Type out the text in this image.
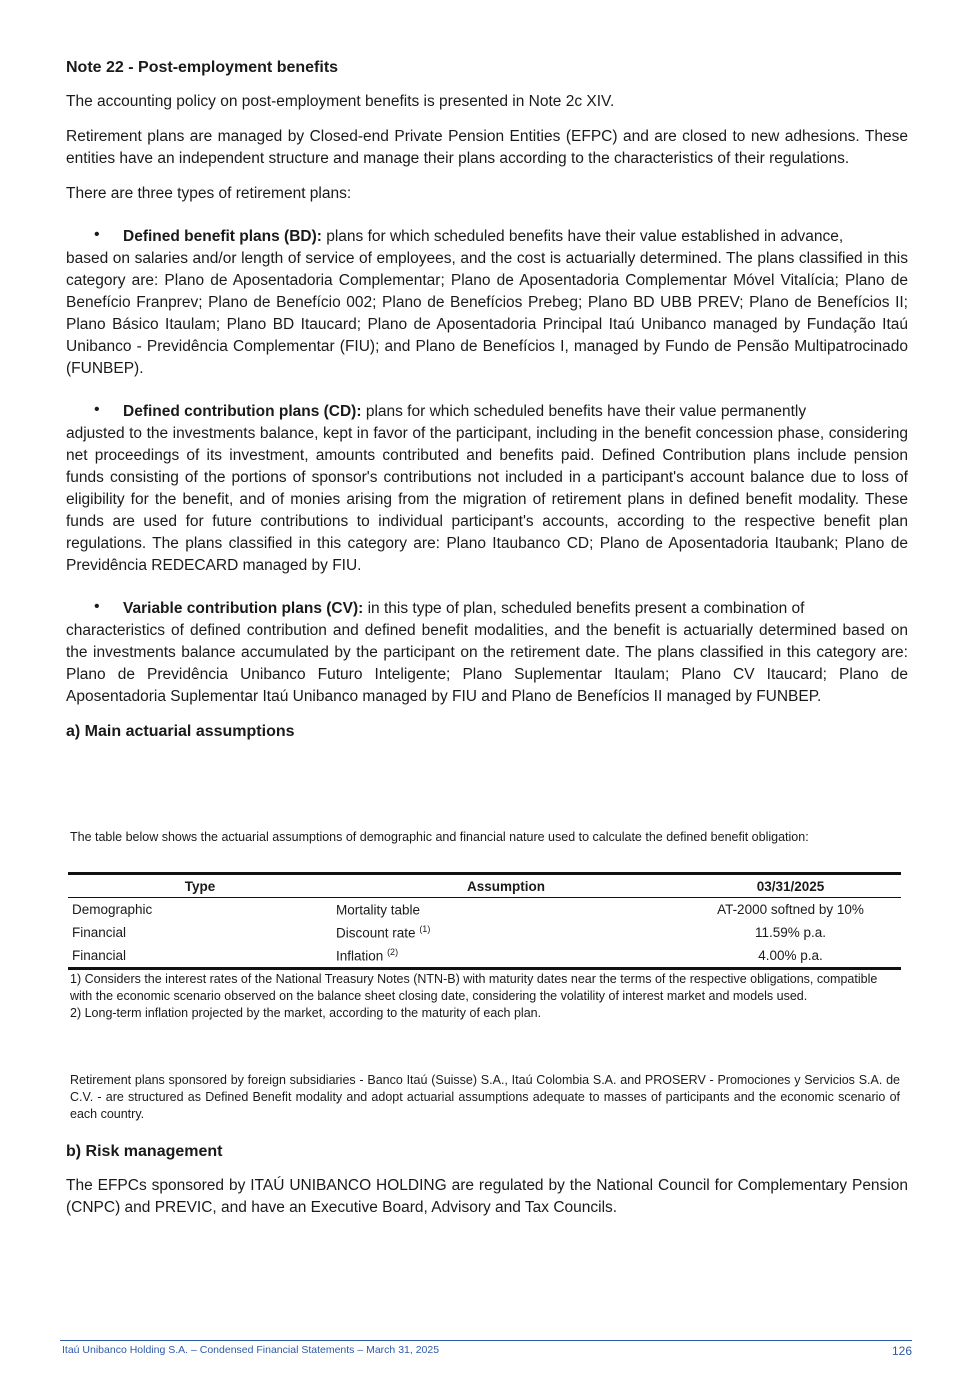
Note 22 - Post-employment benefits

The accounting policy on post-employment benefits is presented in Note 2c XIV.

Retirement plans are managed by Closed-end Private Pension Entities (EFPC) and are closed to new adhesions. These entities have an independent structure and manage their plans according to the characteristics of their regulations.

There are three types of retirement plans:

• Defined benefit plans (BD): plans for which scheduled benefits have their value established in advance,

based on salaries and/or length of service of employees, and the cost is actuarially determined. The plans classified in this category are: Plano de Aposentadoria Complementar; Plano de Aposentadoria Complementar Móvel Vitalícia; Plano de Benefício Franprev; Plano de Benefício 002; Plano de Benefícios Prebeg; Plano BD UBB PREV; Plano de Benefícios II; Plano Básico Itaulam; Plano BD Itaucard; Plano de Aposentadoria Principal Itaú Unibanco managed by Fundação Itaú Unibanco - Previdência Complementar (FIU); and Plano de Benefícios I, managed by Fundo de Pensão Multipatrocinado (FUNBEP).

• Defined contribution plans (CD): plans for which scheduled benefits have their value permanently

adjusted to the investments balance, kept in favor of the participant, including in the benefit concession phase, considering net proceedings of its investment, amounts contributed and benefits paid. Defined Contribution plans include pension funds consisting of the portions of sponsor's contributions not included in a participant's account balance due to loss of eligibility for the benefit, and of monies arising from the migration of retirement plans in defined benefit modality. These funds are used for future contributions to individual participant's accounts, according to the respective benefit plan regulations. The plans classified in this category are: Plano Itaubanco CD; Plano de Aposentadoria Itaubank; Plano de Previdência REDECARD managed by FIU.

• Variable contribution plans (CV): in this type of plan, scheduled benefits present a combination of

characteristics of defined contribution and defined benefit modalities, and the benefit is actuarially determined based on the investments balance accumulated by the participant on the retirement date. The plans classified in this category are: Plano de Previdência Unibanco Futuro Inteligente; Plano Suplementar Itaulam; Plano CV Itaucard; Plano de Aposentadoria Suplementar Itaú Unibanco managed by FIU and Plano de Benefícios II managed by FUNBEP.

a) Main actuarial assumptions
The table below shows the actuarial assumptions of demographic and financial nature used to calculate the defined benefit obligation:
Type	Assumption	03/31/2025
Demographic	Mortality table	AT-2000 softned by 10%
Financial	Discount rate $^{(1)}$	11.59% p.a.
Financial	Inflation $^{(2)}$	4.00% p.a.
1) Considers the interest rates of the National Treasury Notes (NTN-B) with maturity dates near the terms of the respective obligations, compatible with the economic scenario observed on the balance sheet closing date, considering the volatility of interest market and models used.
2) Long-term inflation projected by the market, according to the maturity of each plan.
Retirement plans sponsored by foreign subsidiaries - Banco Itaú (Suisse) S.A., Itaú Colombia S.A. and PROSERV - Promociones y Servicios S.A. de C.V. - are structured as Defined Benefit modality and adopt actuarial assumptions adequate to masses of participants and the economic scenario of each country.
b) Risk management

The EFPCs sponsored by ITAÚ UNIBANCO HOLDING are regulated by the National Council for Complementary Pension (CNPC) and PREVIC, and have an Executive Board, Advisory and Tax Councils.

Itaú Unibanco Holding S.A. – Condensed Financial Statements – March 31, 2025	126
